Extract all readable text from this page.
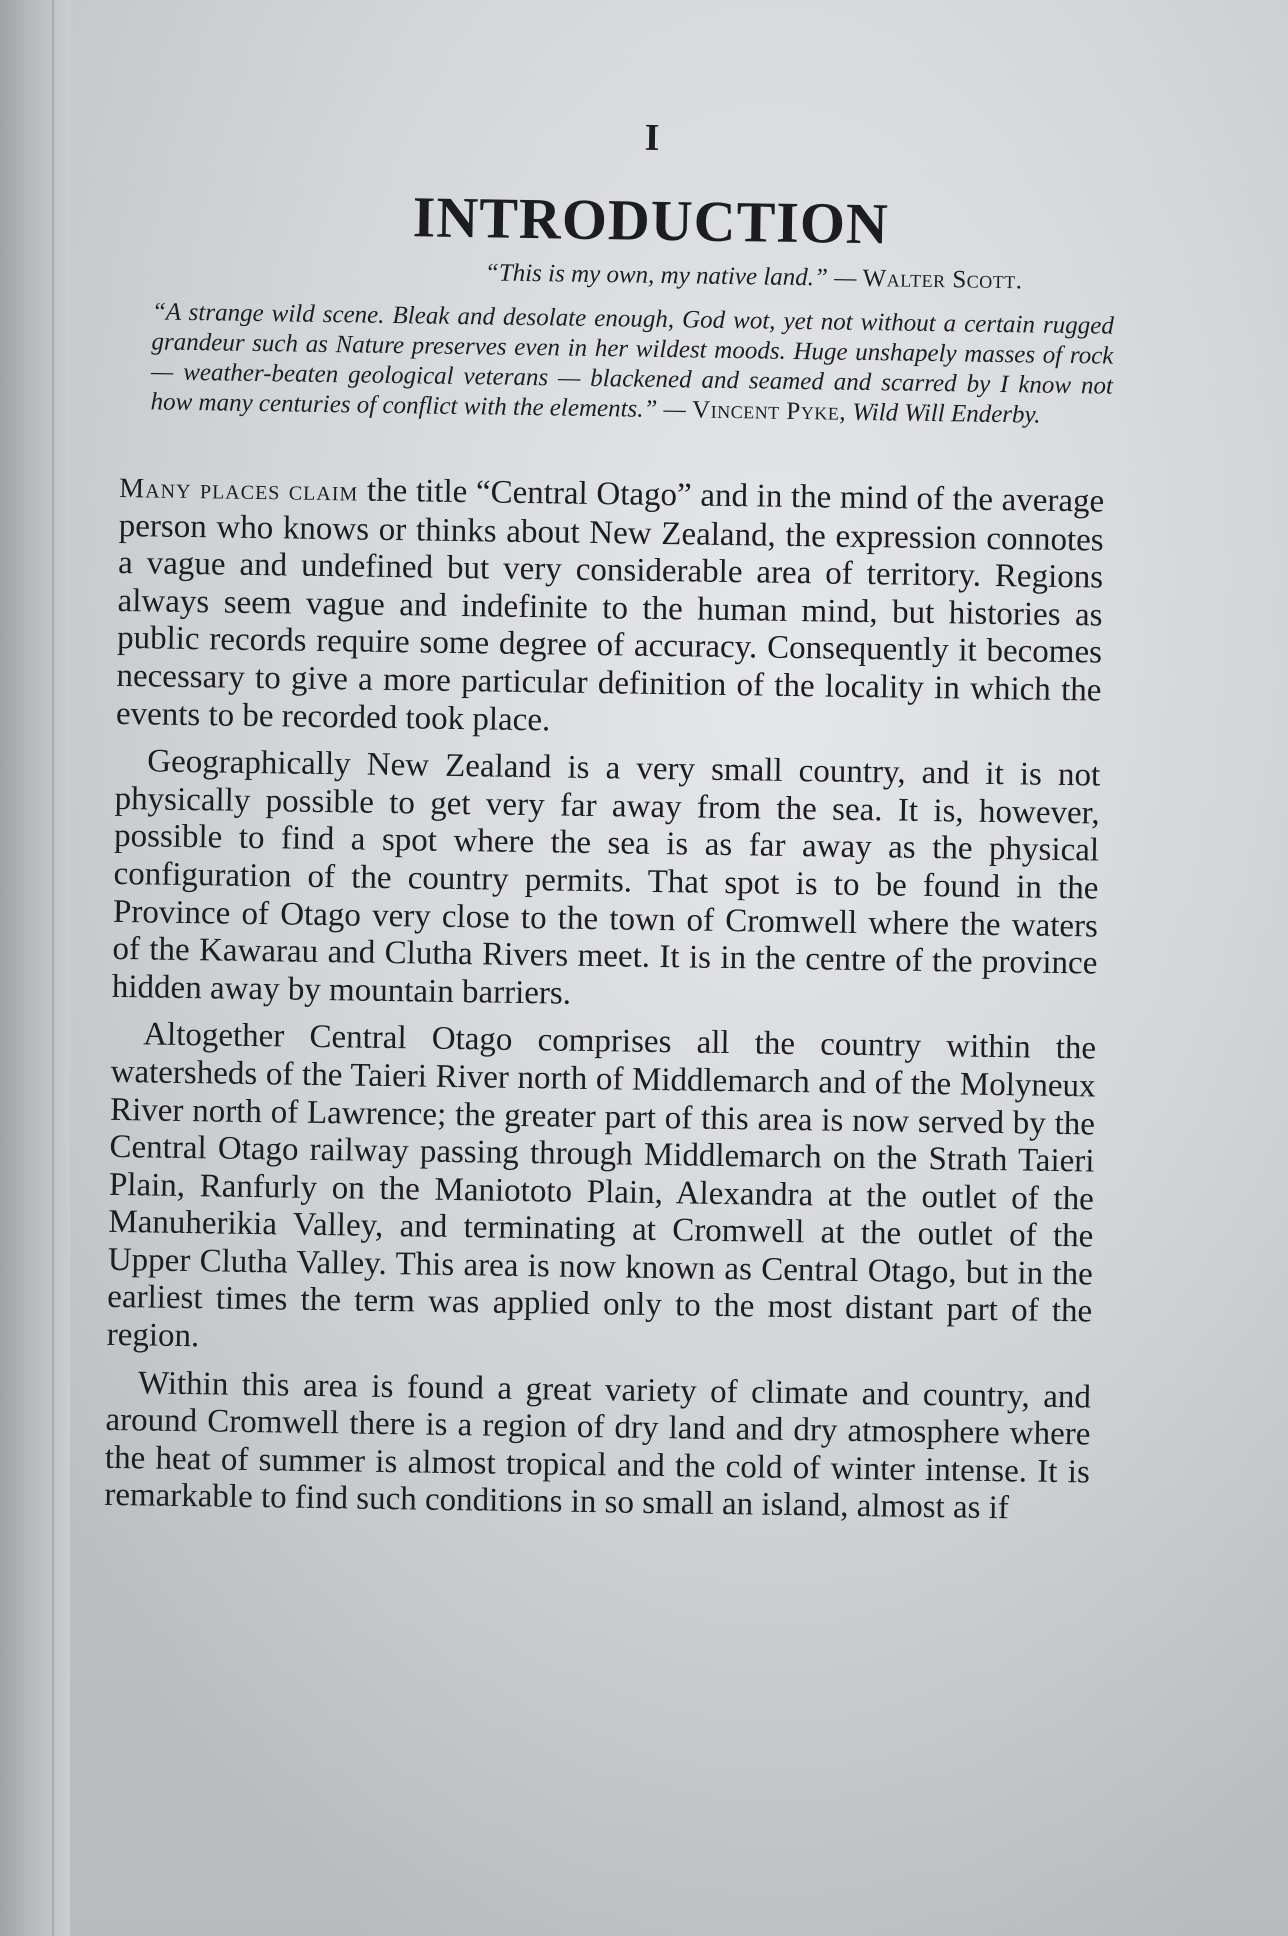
I
INTRODUCTION
“This is my own, my native land.” — Walter Scott.
“A strange wild scene. Bleak and desolate enough, God wot, yet not without a certain rugged grandeur such as Nature preserves even in her wildest moods. Huge unshapely masses of rock — weather-beaten geological veterans — blackened and seamed and scarred by I know not how many centuries of conflict with the elements.” — Vincent Pyke, Wild Will Enderby.

Many places claim the title “Central Otago” and in the mind of the average person who knows or thinks about New Zealand, the expression connotes a vague and undefined but very considerable area of territory. Regions always seem vague and indefinite to the human mind, but histories as public records require some degree of accuracy. Consequently it becomes necessary to give a more particular definition of the locality in which the events to be recorded took place.

Geographically New Zealand is a very small country, and it is not physically possible to get very far away from the sea. It is, however, possible to find a spot where the sea is as far away as the physical configuration of the country permits. That spot is to be found in the Province of Otago very close to the town of Cromwell where the waters of the Kawarau and Clutha Rivers meet. It is in the centre of the province hidden away by mountain barriers.

Altogether Central Otago comprises all the country within the watersheds of the Taieri River north of Middlemarch and of the Molyneux River north of Lawrence; the greater part of this area is now served by the Central Otago railway passing through Middlemarch on the Strath Taieri Plain, Ranfurly on the Maniototo Plain, Alexandra at the outlet of the Manuherikia Valley, and terminating at Cromwell at the outlet of the Upper Clutha Valley. This area is now known as Central Otago, but in the earliest times the term was applied only to the most distant part of the region.

Within this area is found a great variety of climate and country, and around Cromwell there is a region of dry land and dry atmosphere where the heat of summer is almost tropical and the cold of winter intense. It is remarkable to find such conditions in so small an island, almost as if
